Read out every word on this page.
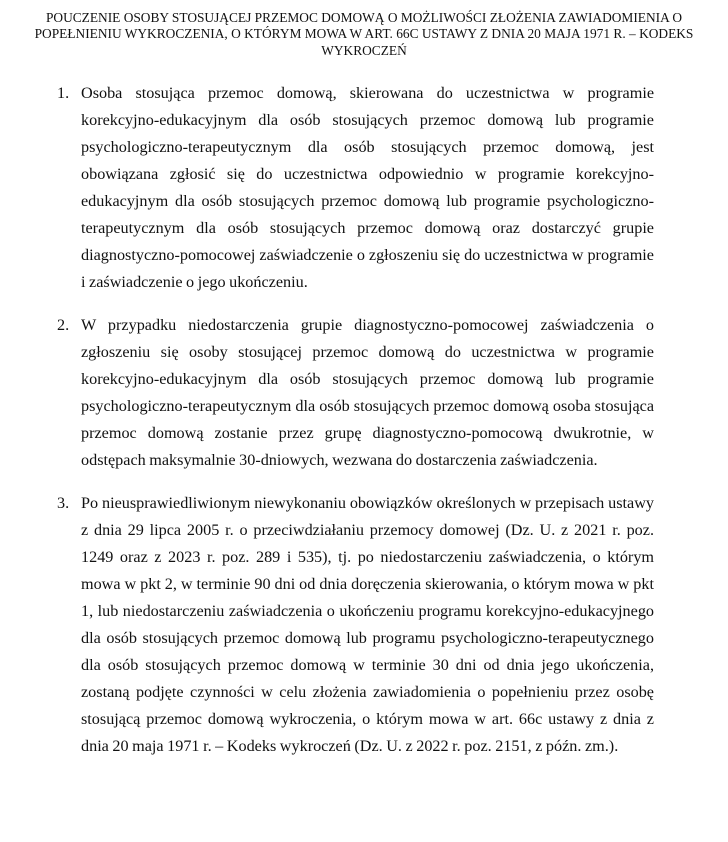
POUCZENIE OSOBY STOSUJĄCEJ PRZEMOC DOMOWĄ O MOŻLIWOŚCI ZŁOŻENIA ZAWIADOMIENIA O POPEŁNIENIU WYKROCZENIA, O KTÓRYM MOWA W ART. 66C USTAWY Z DNIA 20 MAJA 1971 R. – KODEKS WYKROCZEŃ
1. Osoba stosująca przemoc domową, skierowana do uczestnictwa w programie korekcyjno-edukacyjnym dla osób stosujących przemoc domową lub programie psychologiczno-terapeutycznym dla osób stosujących przemoc domową, jest obowiązana zgłosić się do uczestnictwa odpowiednio w programie korekcyjno-edukacyjnym dla osób stosujących przemoc domową lub programie psychologiczno-terapeutycznym dla osób stosujących przemoc domową oraz dostarczyć grupie diagnostyczno-pomocowej zaświadczenie o zgłoszeniu się do uczestnictwa w programie i zaświadczenie o jego ukończeniu.

2. W przypadku niedostarczenia grupie diagnostyczno-pomocowej zaświadczenia o zgłoszeniu się osoby stosującej przemoc domową do uczestnictwa w programie korekcyjno-edukacyjnym dla osób stosujących przemoc domową lub programie psychologiczno-terapeutycznym dla osób stosujących przemoc domową osoba stosująca przemoc domową zostanie przez grupę diagnostyczno-pomocową dwukrotnie, w odstępach maksymalnie 30-dniowych, wezwana do dostarczenia zaświadczenia.

3. Po nieusprawiedliwionym niewykonaniu obowiązków określonych w przepisach ustawy z dnia 29 lipca 2005 r. o przeciwdziałaniu przemocy domowej (Dz. U. z 2021 r. poz. 1249 oraz z 2023 r. poz. 289 i 535), tj. po niedostarczeniu zaświadczenia, o którym mowa w pkt 2, w terminie 90 dni od dnia doręczenia skierowania, o którym mowa w pkt 1, lub niedostarczeniu zaświadczenia o ukończeniu programu korekcyjno-edukacyjnego dla osób stosujących przemoc domową lub programu psychologiczno-terapeutycznego dla osób stosujących przemoc domową w terminie 30 dni od dnia jego ukończenia, zostaną podjęte czynności w celu złożenia zawiadomienia o popełnieniu przez osobę stosującą przemoc domową wykroczenia, o którym mowa w art. 66c ustawy z dnia z dnia 20 maja 1971 r. – Kodeks wykroczeń (Dz. U. z 2022 r. poz. 2151, z późn. zm.).
